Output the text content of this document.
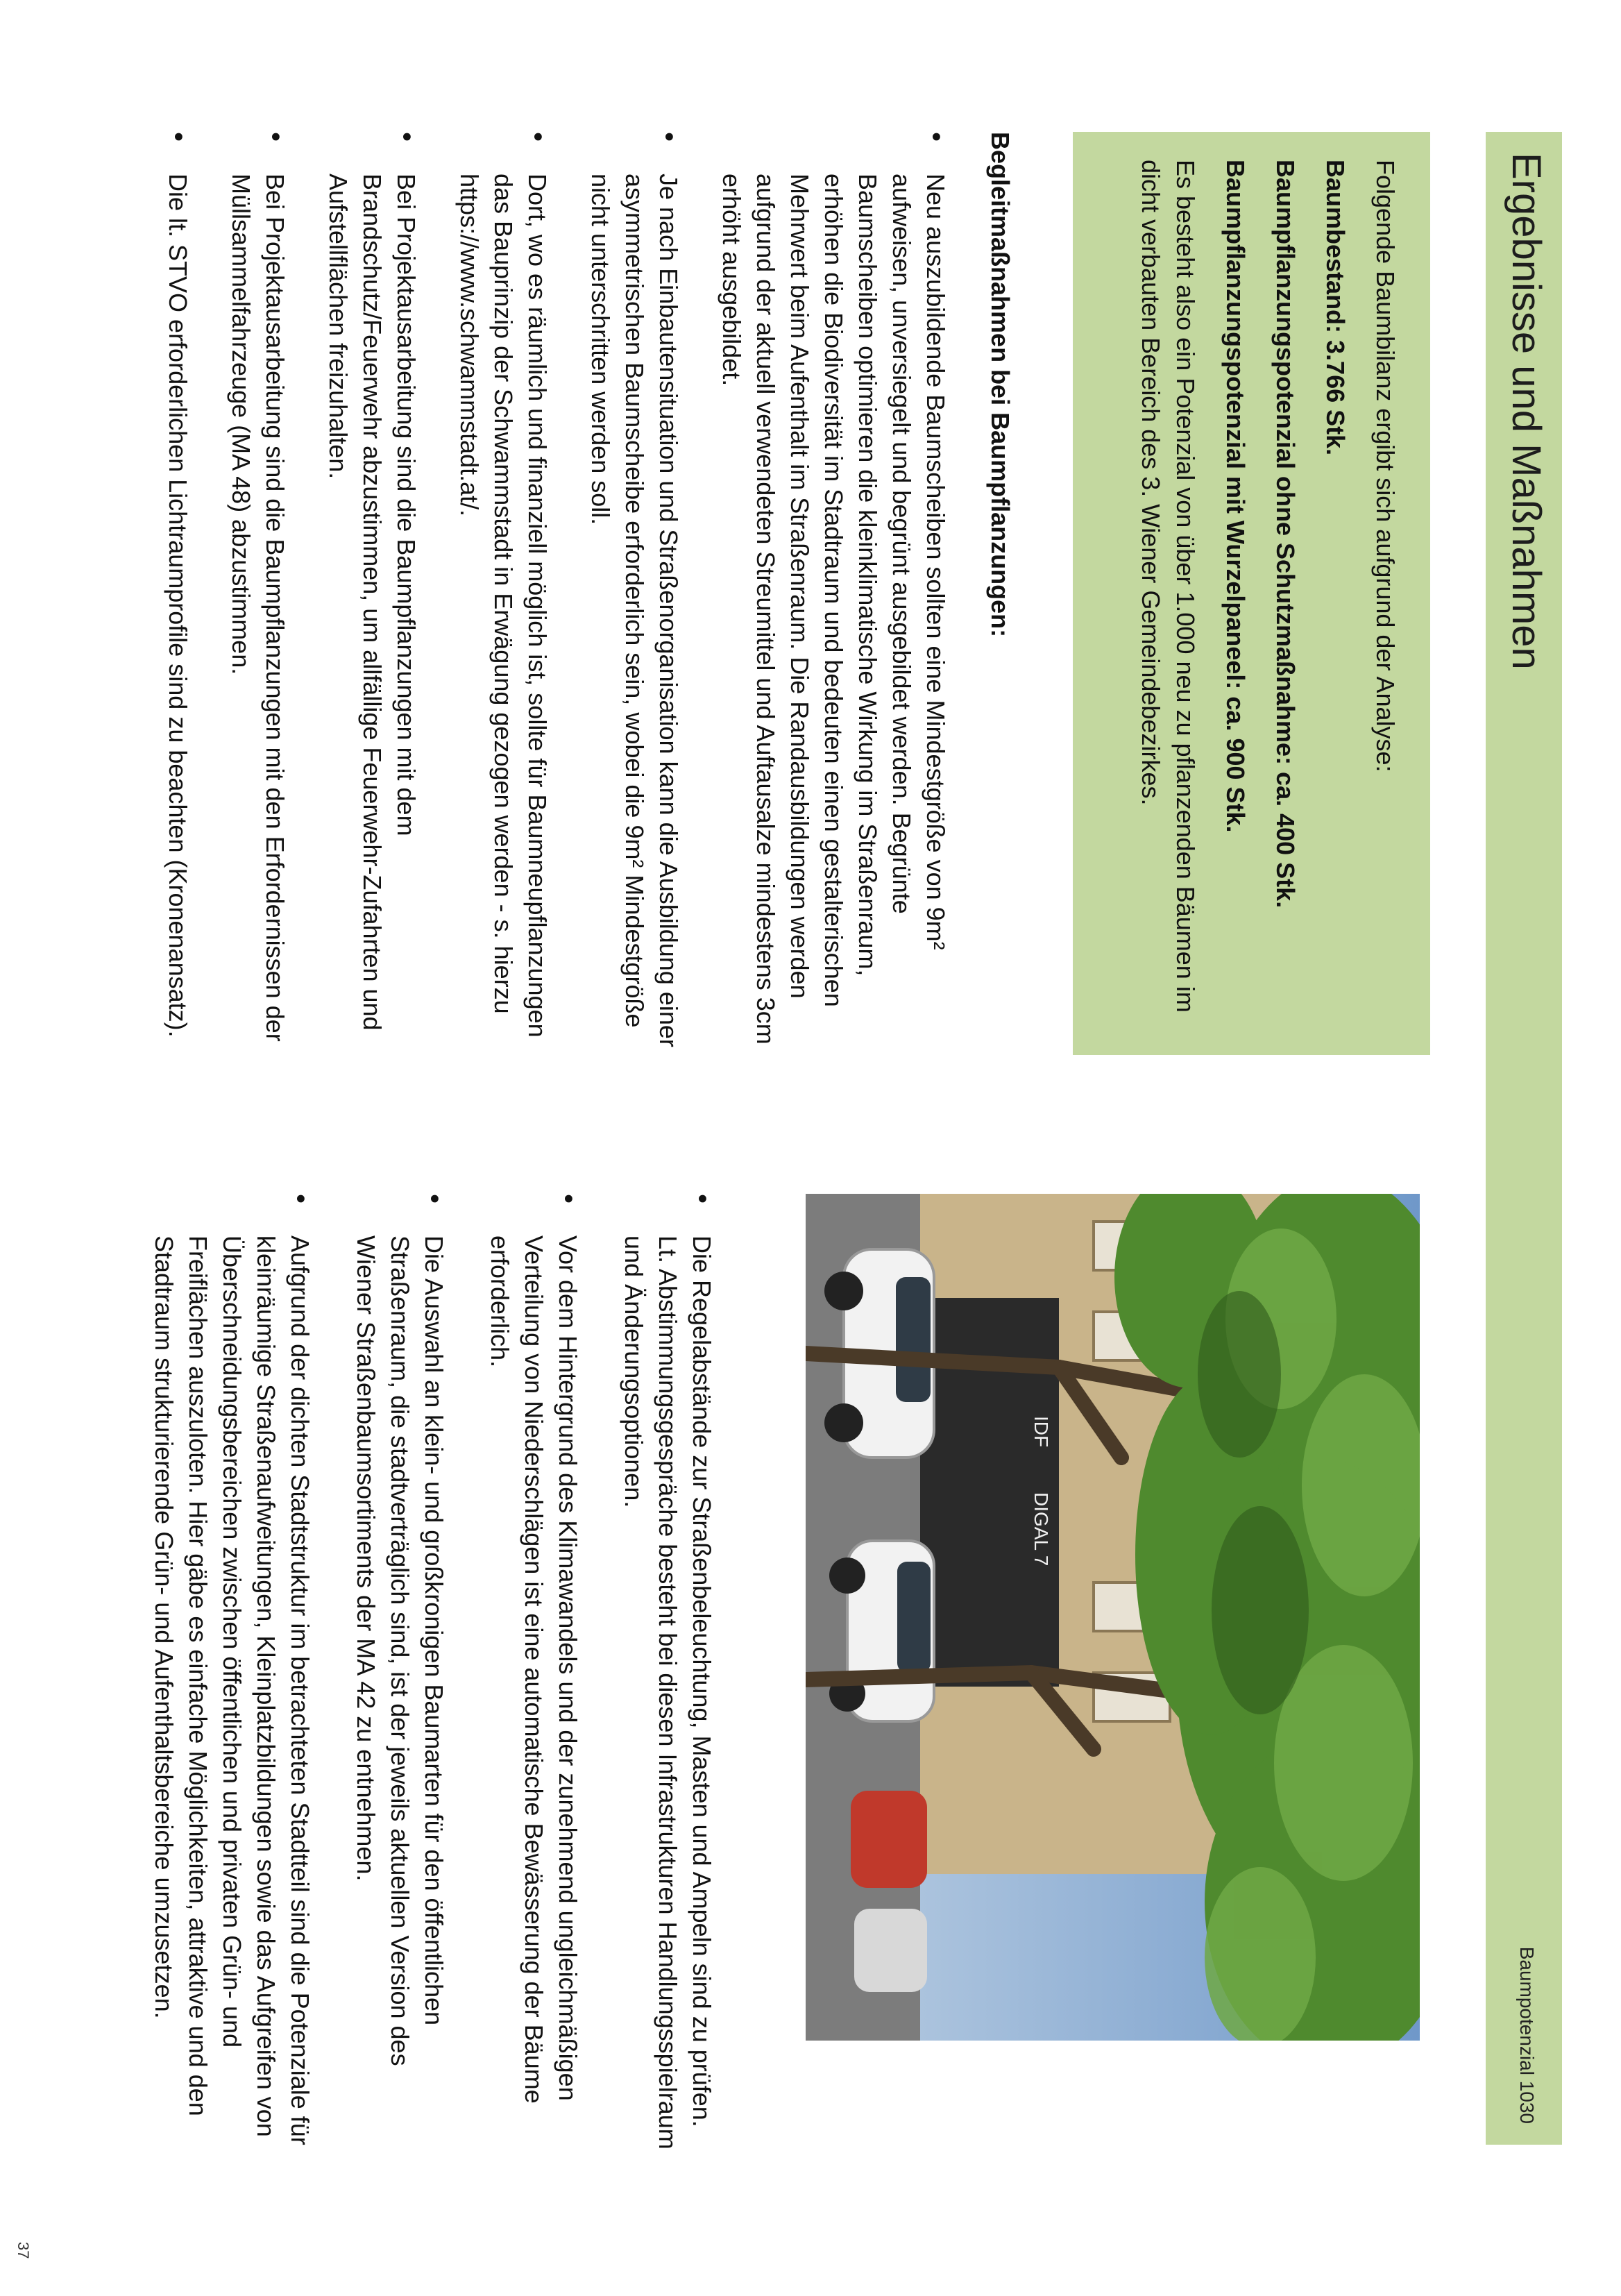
Ergebnisse und Maßnahmen
Baumpotenzial 1030

Folgende Baumbilanz ergibt sich aufgrund der Analyse:

Baumbestand: 3.766 Stk.

Baumpflanzungspotenzial ohne Schutzmaßnahme: ca. 400 Stk.

Baumpflanzungspotenzial mit Wurzelpaneel: ca. 900 Stk.

Es besteht also ein Potenzial von über 1.000 neu zu pflanzenden Bäumen im dicht verbauten Bereich des 3. Wiener Gemeindebezirkes.

Begleitmaßnahmen bei Baumpflanzungen:
• Neu auszubildende Baumscheiben sollten eine Mindestgröße von 9m² aufweisen, unversiegelt und begrünt ausgebildet werden. Begrünte Baumscheiben optimieren die kleinklimatische Wirkung im Straßenraum, erhöhen die Biodiversität im Stadtraum und bedeuten einen gestalterischen Mehrwert beim Aufenthalt im Straßenraum. Die Randausbildungen werden aufgrund der aktuell verwendeten Streumittel und Auftausalze mindestens 3cm erhöht ausgebildet.
• Je nach Einbautensituation und Straßenorganisation kann die Ausbildung einer asymmetrischen Baumscheibe erforderlich sein, wobei die 9m² Mindestgröße nicht unterschritten werden soll.
• Dort, wo es räumlich und finanziell möglich ist, sollte für Baumneupflanzungen das Bauprinzip der Schwammstadt in Erwägung gezogen werden - s. hierzu https://www.schwammstadt.at/.
• Bei Projektausarbeitung sind die Baumpflanzungen mit dem Brandschutz/Feuerwehr abzustimmen, um allfällige Feuerwehr-Zufahrten und Aufstellflächen freizuhalten.
• Bei Projektausarbeitung sind die Baumpflanzungen mit den Erfordernissen der Müllsammelfahrzeuge (MA 48) abzustimmen.
• Die lt. STVO erforderlichen Lichtraumprofile sind zu beachten (Kronenansatz).
IDF
DIGAL 7
• Die Regelabstände zur Straßenbeleuchtung, Masten und Ampeln sind zu prüfen. Lt. Abstimmungsgespräche besteht bei diesen Infrastrukturen Handlungsspielraum und Änderungsoptionen.
• Vor dem Hintergrund des Klimawandels und der zunehmend ungleichmäßigen Verteilung von Niederschlägen ist eine automatische Bewässerung der Bäume erforderlich.
• Die Auswahl an klein- und großkronigen Baumarten für den öffentlichen Straßenraum, die stadtverträglich sind, ist der jeweils aktuellen Version des Wiener Straßenbaumsortiments der MA 42 zu entnehmen.
• Aufgrund der dichten Stadtstruktur im betrachteten Stadtteil sind die Potenziale für kleinräumige Straßenaufweitungen, Kleinplatzbildungen sowie das Aufgreifen von Überschneidungsbereichen zwischen öffentlichen und privaten Grün- und Freiflächen auszuloten. Hier gäbe es einfache Möglichkeiten, attraktive und den Stadtraum strukturierende Grün- und Aufenthaltsbereiche umzusetzen.
37
